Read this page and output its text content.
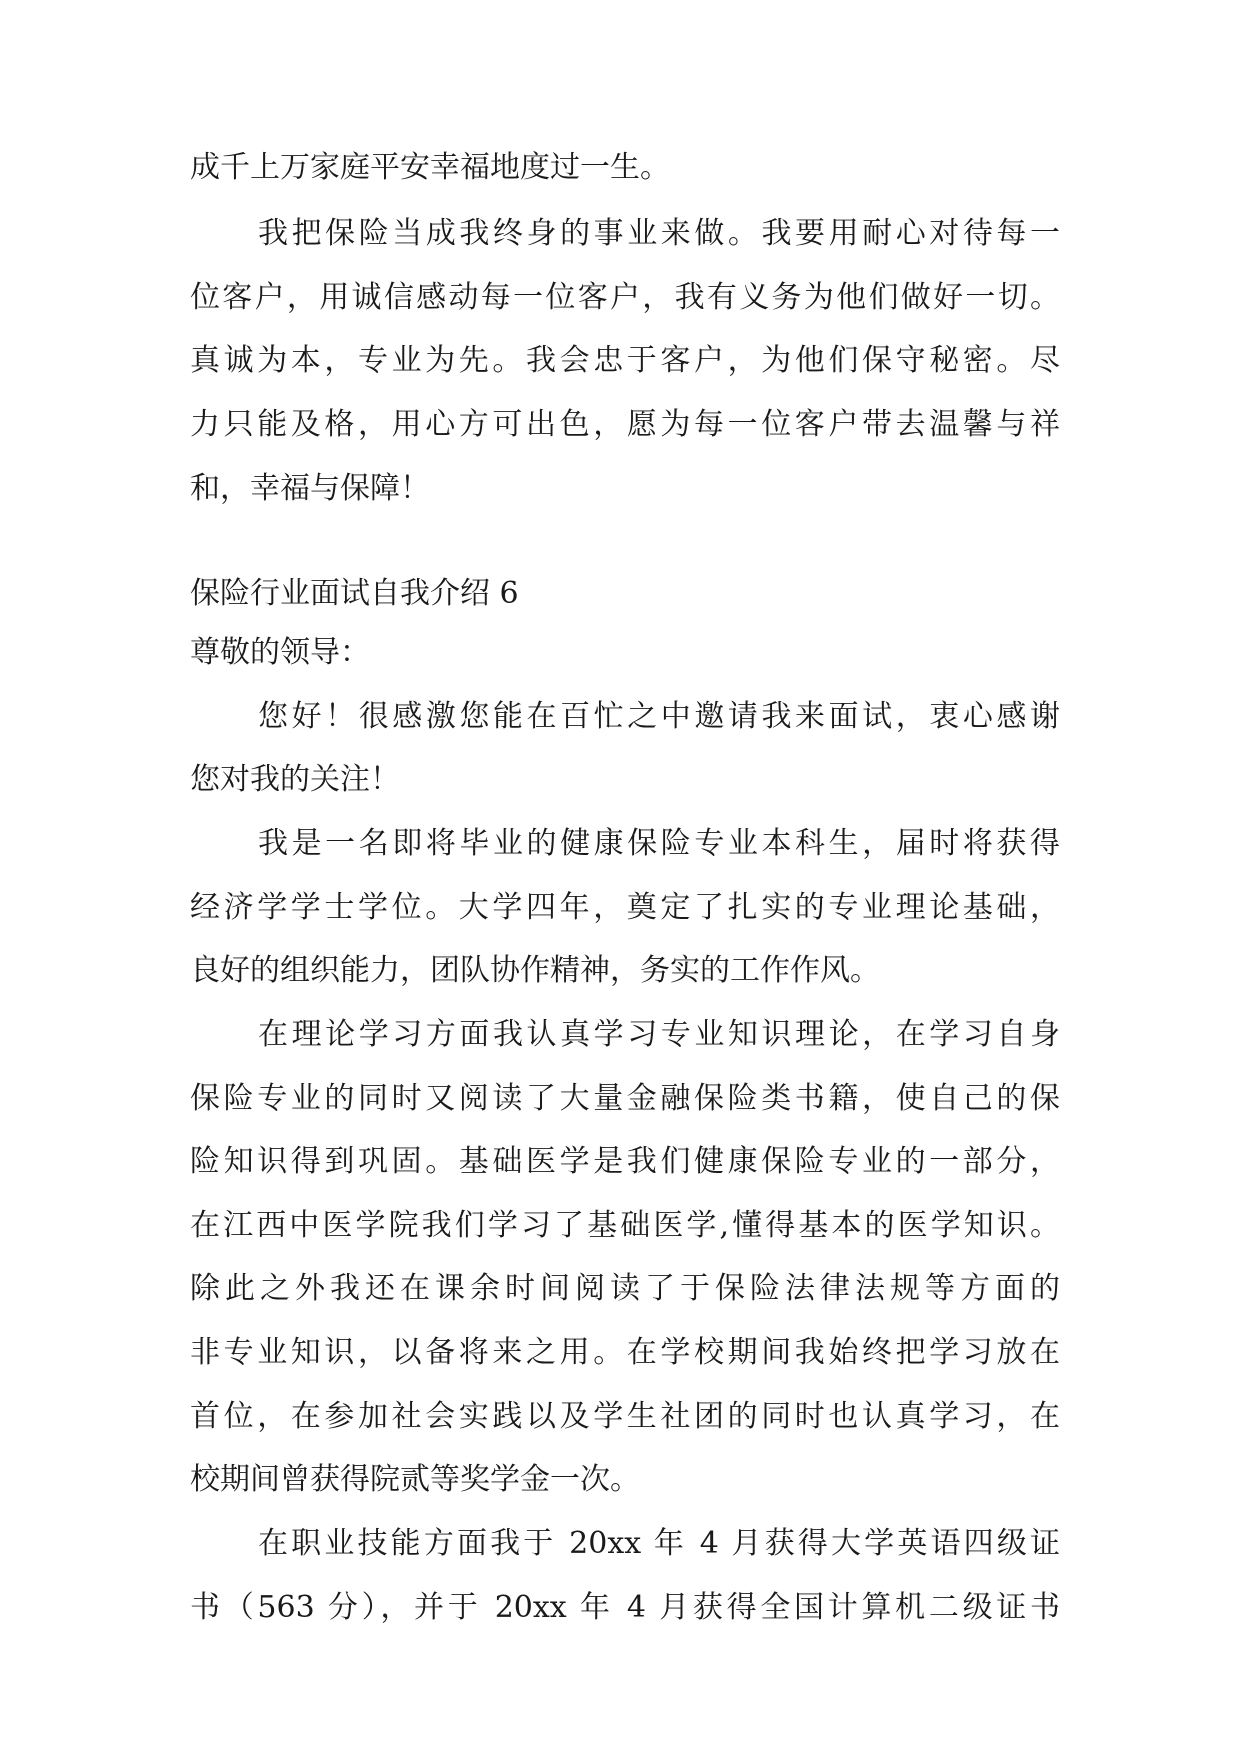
成千上万家庭平安幸福地度过一生。
我把保险当成我终身的事业来做。我要用耐心对待每一
位客户，用诚信感动每一位客户，我有义务为他们做好一切。
真诚为本，专业为先。我会忠于客户，为他们保守秘密。尽
力只能及格，用心方可出色，愿为每一位客户带去温馨与祥
和，幸福与保障！
保险行业面试自我介绍 6
尊敬的领导：
您好！很感激您能在百忙之中邀请我来面试，衷心感谢
您对我的关注！
我是一名即将毕业的健康保险专业本科生，届时将获得
经济学学士学位。大学四年，奠定了扎实的专业理论基础，
良好的组织能力，团队协作精神，务实的工作作风。
在理论学习方面我认真学习专业知识理论，在学习自身
保险专业的同时又阅读了大量金融保险类书籍，使自己的保
险知识得到巩固。基础医学是我们健康保险专业的一部分，
在江西中医学院我们学习了基础医学,懂得基本的医学知识。
除此之外我还在课余时间阅读了于保险法律法规等方面的
非专业知识，以备将来之用。在学校期间我始终把学习放在
首位，在参加社会实践以及学生社团的同时也认真学习，在
校期间曾获得院贰等奖学金一次。
在职业技能方面我于 20xx 年 4 月获得大学英语四级证
书（563 分），并于 20xx 年 4 月获得全国计算机二级证书
